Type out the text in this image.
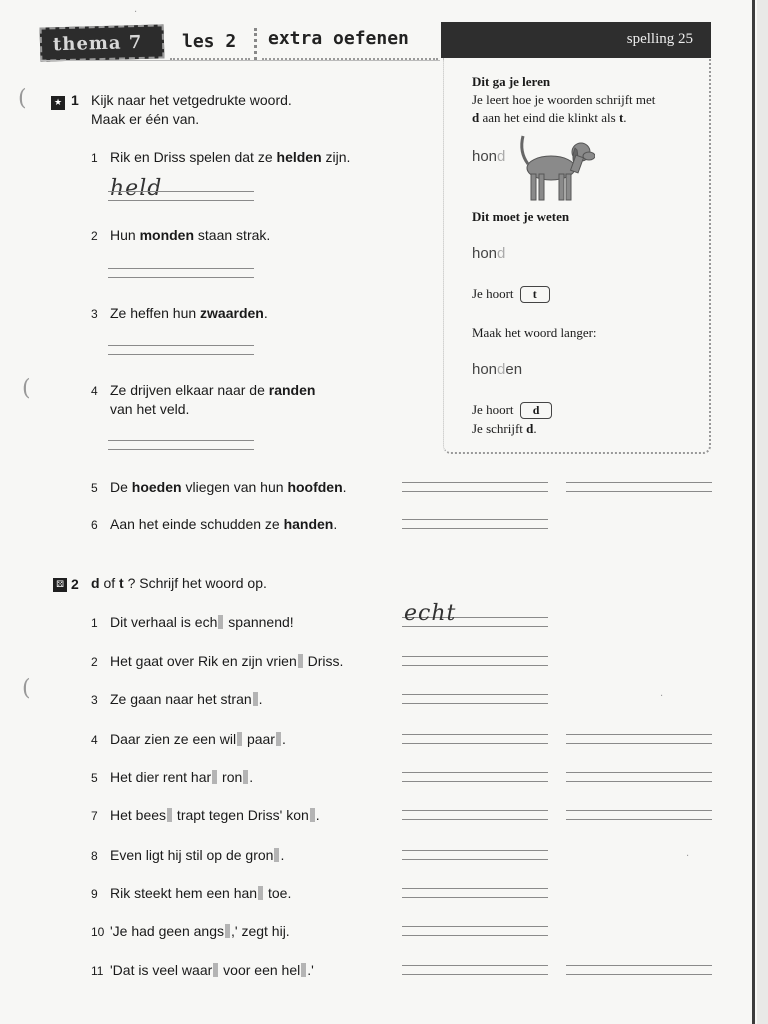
thema 7	les 2	extra oefenen	spelling 25
Dit ga je leren
Je leert hoe je woorden schrijft met
d aan het eind die klinkt als t.
hond
Dit moet je weten
hond
Je hoort t
Maak het woord langer:
honden
Je hoort d
Je schrijft d.
(	★ 1 Kijk naar het vetgedrukte woord.
Maak er één van.
1 Rik en Driss spelen dat ze helden zijn.
held
2 Hun monden staan strak.
3 Ze heffen hun zwaarden.
(	4 Ze drijven elkaar naar de randen
van het veld.
5 De hoeden vliegen van hun hoofden.
6 Aan het einde schudden ze handen.
⚄ 2 d of t ? Schrijf het woord op.
1 Dit verhaal is ech spannend!	echt
2 Het gaat over Rik en zijn vrien Driss.
3 Ze gaan naar het stran .
4 Daar zien ze een wil paar .
5 Het dier rent har ron .
7 Het bees trapt tegen Driss' kon .
8 Even ligt hij stil op de gron .
9 Rik steekt hem een han toe.
10 'Je had geen angs ,' zegt hij.
11 'Dat is veel waar voor een hel .'
(	.
.
.
